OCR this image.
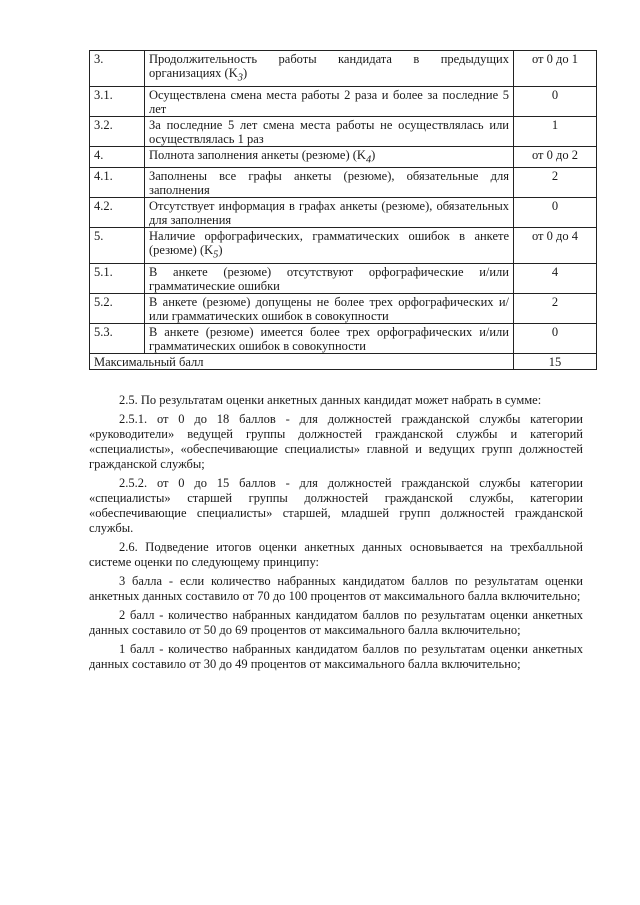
3.	Продолжительность работы кандидата в предыдущих организациях $(K_3)$	от 0 до 1
3.1.	Осуществлена смена места работы 2 раза и более за последние 5 лет	0
3.2.	За последние 5 лет смена места работы не осуществлялась или осуществлялась 1 раз	1
4.	Полнота заполнения анкеты (резюме) $(K_4)$	от 0 до 2
4.1.	Заполнены все графы анкеты (резюме), обязательные для заполнения	2
4.2.	Отсутствует информация в графах анкеты (резюме), обязательных для заполнения	0
5.	Наличие орфографических, грамматических ошибок в анкете (резюме) $(K_5)$	от 0 до 4
5.1.	В анкете (резюме) отсутствуют орфографические и/или грамматические ошибки	4
5.2.	В анкете (резюме) допущены не более трех орфографических и/или грамматических ошибок в совокупности	2
5.3.	В анкете (резюме) имеется более трех орфографических и/или грамматических ошибок в совокупности	0
Максимальный балл		15

2.5. По результатам оценки анкетных данных кандидат может набрать в сумме:

2.5.1. от 0 до 18 баллов - для должностей гражданской службы категории «руководители» ведущей группы должностей гражданской службы и категорий «специалисты», «обеспечивающие специалисты» главной и ведущих групп должностей гражданской службы;

2.5.2. от 0 до 15 баллов - для должностей гражданской службы категории «специалисты» старшей группы должностей гражданской службы, категории «обеспечивающие специалисты» старшей, младшей групп должностей гражданской службы.

2.6. Подведение итогов оценки анкетных данных основывается на трехбалльной системе оценки по следующему принципу:

3 балла - если количество набранных кандидатом баллов по результатам оценки анкетных данных составило от 70 до 100 процентов от максимального балла включительно;

2 балл - количество набранных кандидатом баллов по результатам оценки анкетных данных составило от 50 до 69 процентов от максимального балла включительно;

1 балл - количество набранных кандидатом баллов по результатам оценки анкетных данных составило от 30 до 49 процентов от максимального балла включительно;
